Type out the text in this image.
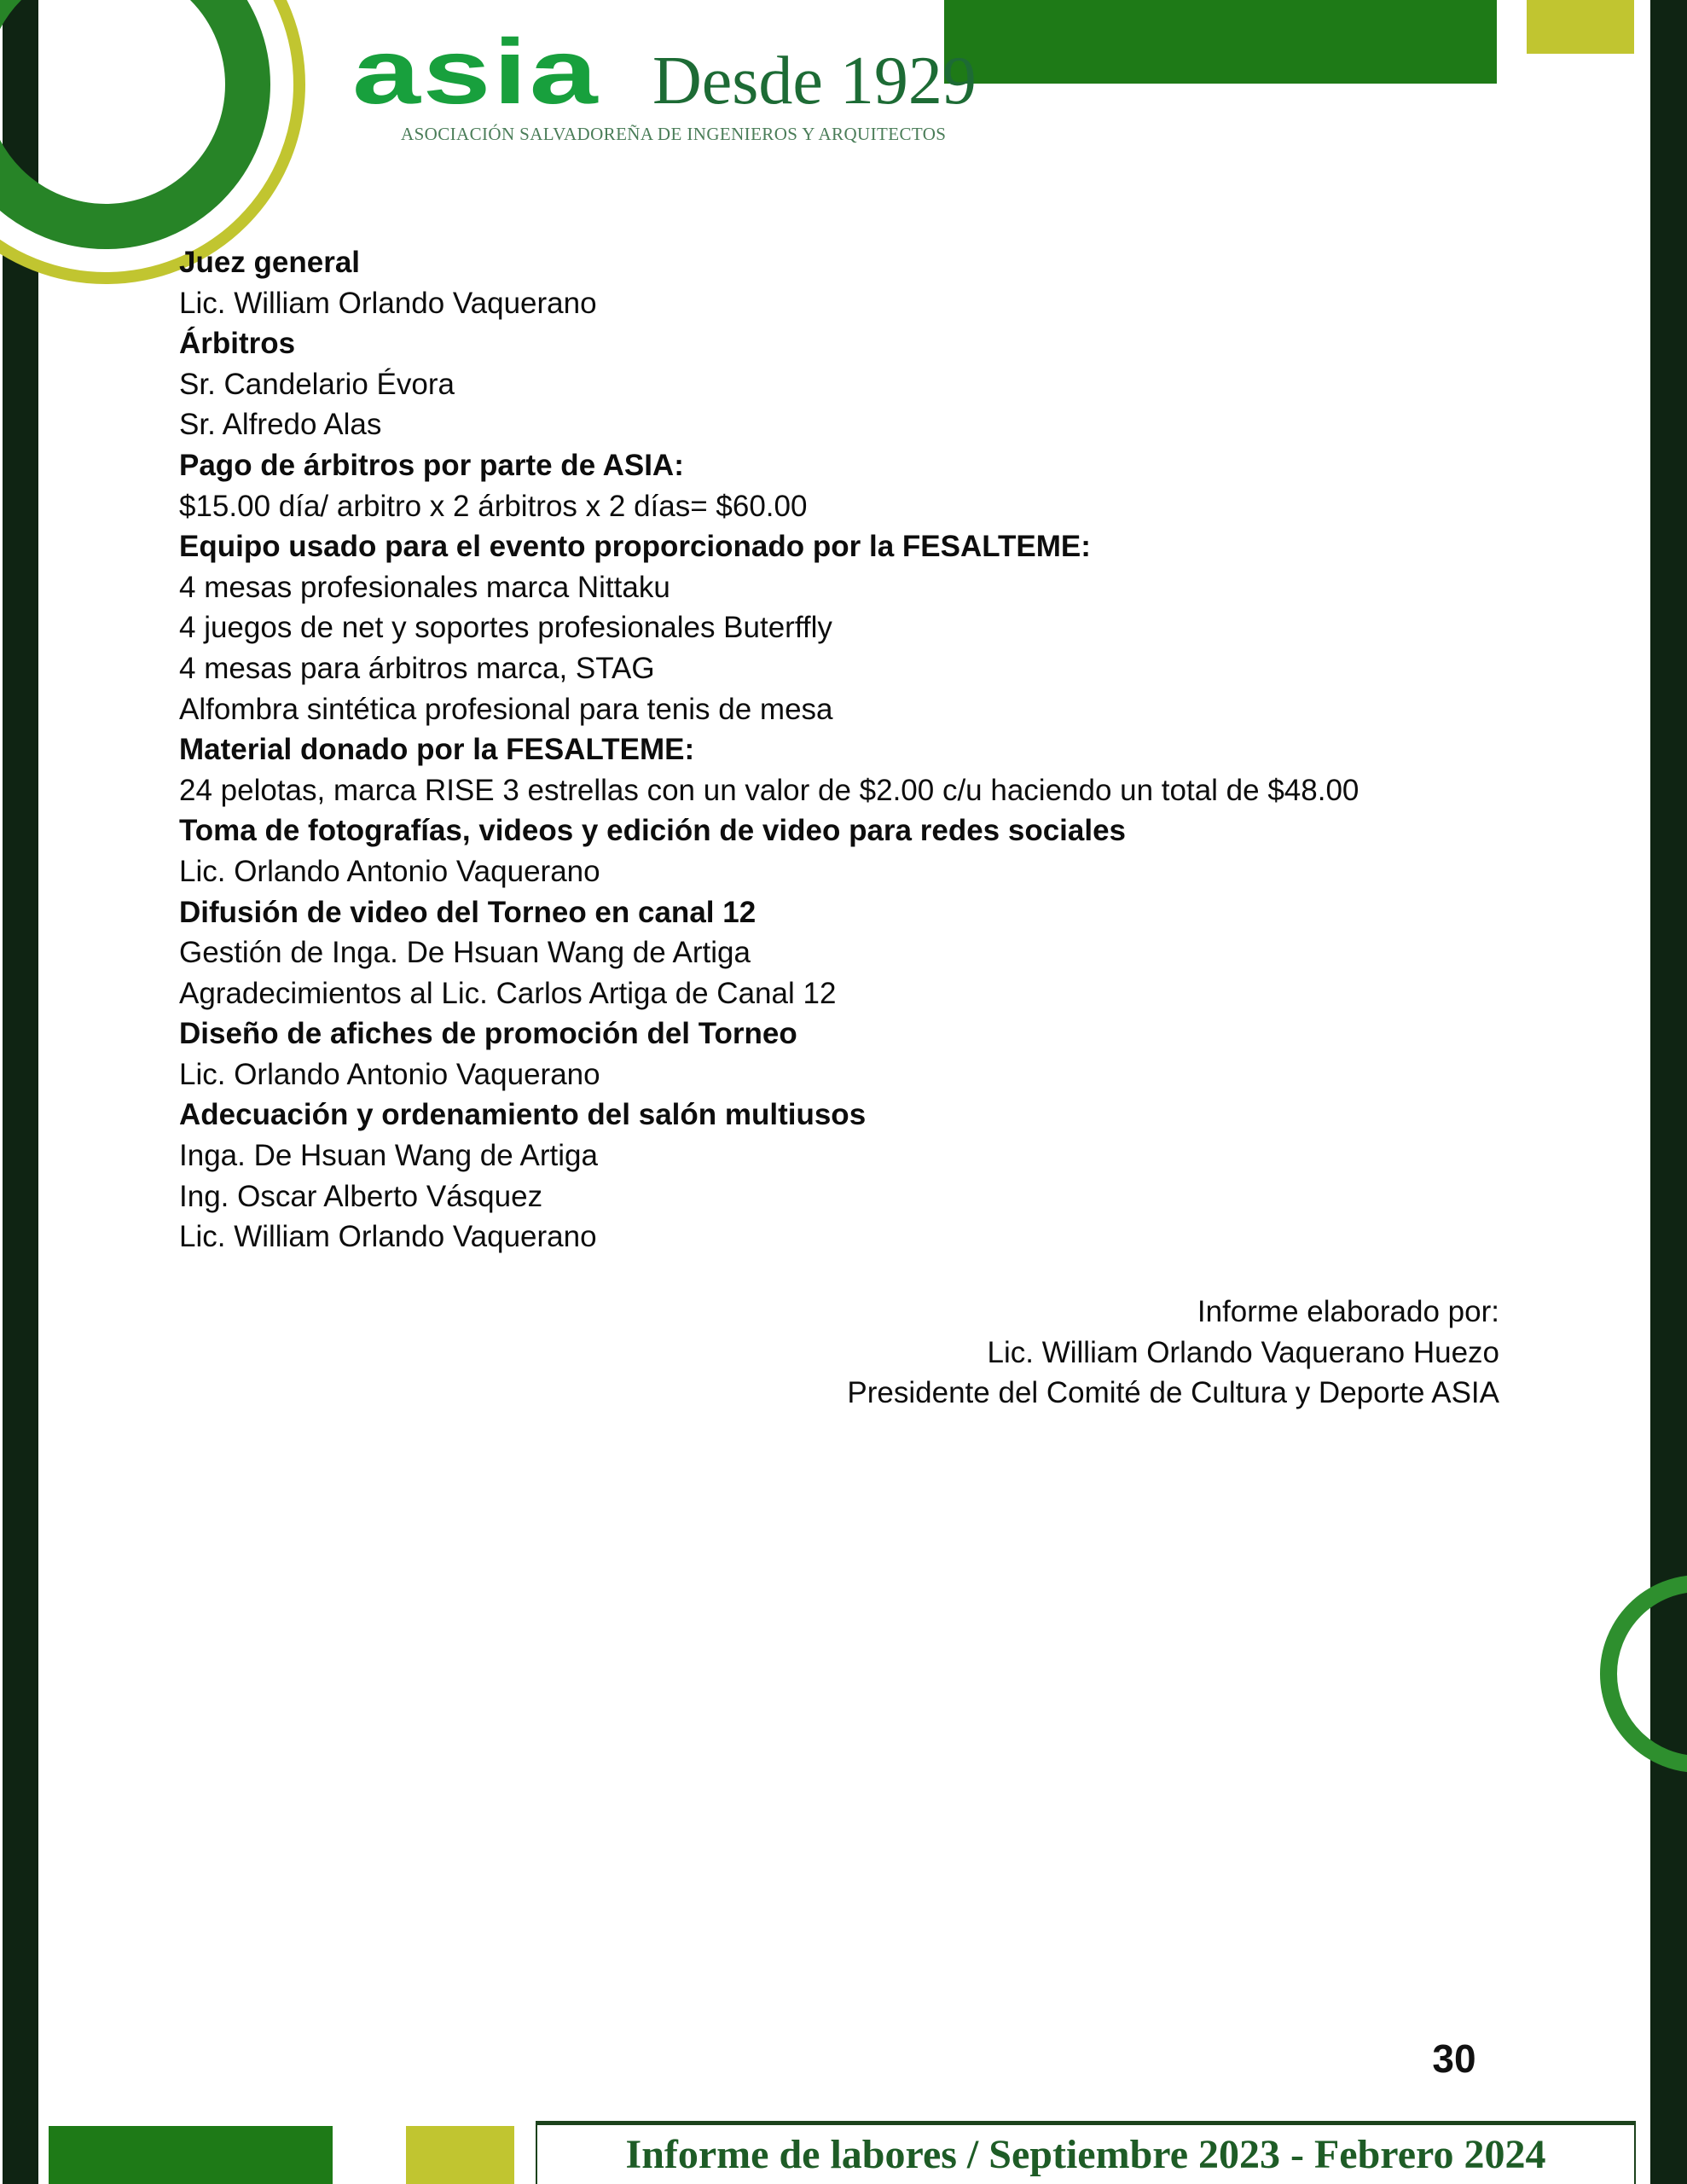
asia Desde 1929
ASOCIACIÓN SALVADOREÑA DE INGENIEROS Y ARQUITECTOS
Juez general
Lic. William Orlando Vaquerano
Árbitros
Sr. Candelario Évora
Sr. Alfredo Alas
Pago de árbitros por parte de ASIA:
$15.00 día/ arbitro x 2 árbitros x 2 días= $60.00
Equipo usado para el evento proporcionado por la FESALTEME:
4 mesas profesionales marca Nittaku
4 juegos de net y soportes profesionales Buterffly
4 mesas para árbitros marca, STAG
Alfombra sintética profesional para tenis de mesa
Material donado por la FESALTEME:
24 pelotas, marca RISE 3 estrellas con un valor de $2.00 c/u haciendo un total de $48.00
Toma de fotografías, videos y edición de video para redes sociales
Lic. Orlando Antonio Vaquerano
Difusión de video del Torneo en canal 12
Gestión de Inga. De Hsuan Wang de Artiga
Agradecimientos al Lic. Carlos Artiga de Canal 12
Diseño de afiches de promoción del Torneo
Lic. Orlando Antonio Vaquerano
Adecuación y ordenamiento del salón multiusos
Inga. De Hsuan Wang de Artiga
Ing. Oscar Alberto Vásquez
Lic. William Orlando Vaquerano
Informe elaborado por:
Lic. William Orlando Vaquerano Huezo
Presidente del Comité de Cultura y Deporte ASIA
30
Informe de labores / Septiembre 2023 - Febrero 2024
